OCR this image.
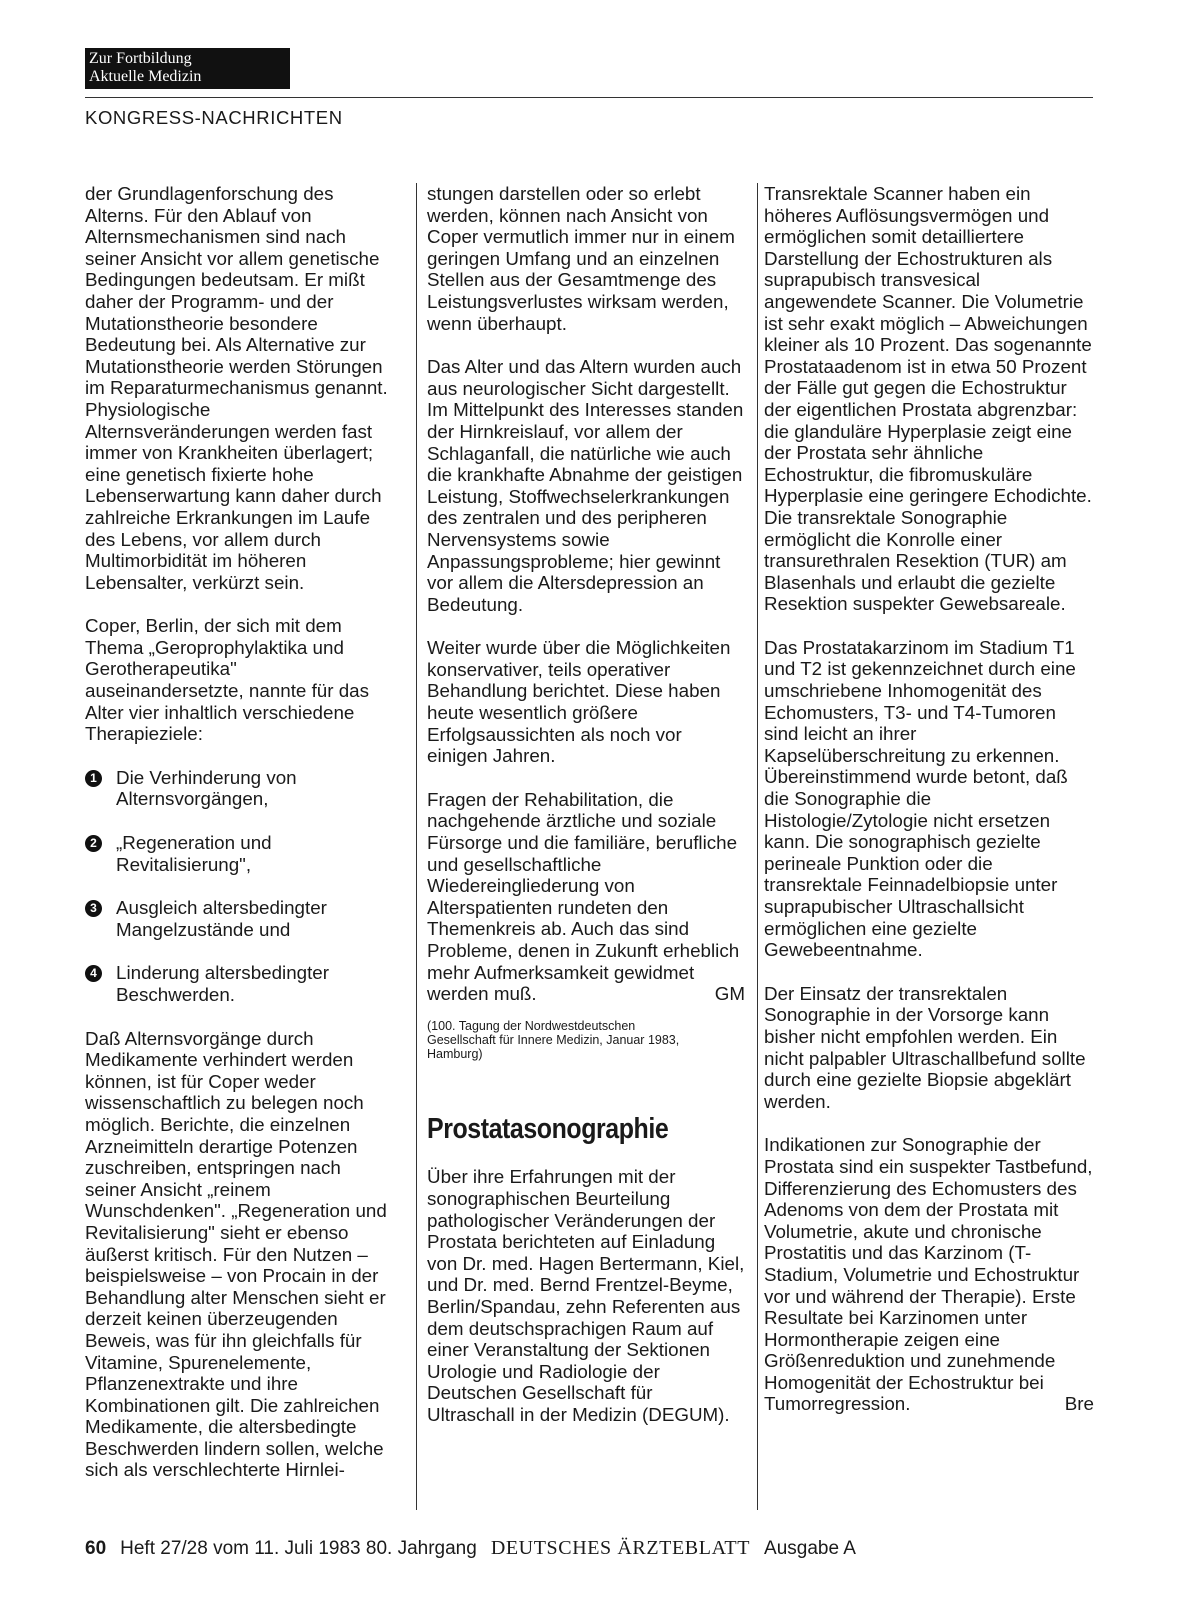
Zur Fortbildung
Aktuelle Medizin
KONGRESS-NACHRICHTEN

der Grundlagenforschung des Alterns. Für den Ablauf von Alternsmechanismen sind nach seiner Ansicht vor allem genetische Bedingungen bedeutsam. Er mißt daher der Programm- und der Mutationstheorie besondere Bedeutung bei. Als Alternative zur Mutationstheorie werden Störungen im Reparaturmechanismus genannt. Physiologische Alternsveränderungen werden fast immer von Krankheiten überlagert; eine genetisch fixierte hohe Lebenserwartung kann daher durch zahlreiche Erkrankungen im Laufe des Lebens, vor allem durch Multimorbidität im höheren Lebensalter, verkürzt sein.

Coper, Berlin, der sich mit dem Thema „Geroprophylaktika und Gerotherapeutika" auseinandersetzte, nannte für das Alter vier inhaltlich verschiedene Therapieziele:

1 Die Verhinderung von Alternsvorgängen,
2 „Regeneration und Revitalisierung",
3 Ausgleich altersbedingter Mangelzustände und
4 Linderung altersbedingter Beschwerden.

Daß Alternsvorgänge durch Medikamente verhindert werden können, ist für Coper weder wissenschaftlich zu belegen noch möglich. Berichte, die einzelnen Arzneimitteln derartige Potenzen zuschreiben, entspringen nach seiner Ansicht „reinem Wunschdenken". „Regeneration und Revitalisierung" sieht er ebenso äußerst kritisch. Für den Nutzen – beispielsweise – von Procain in der Behandlung alter Menschen sieht er derzeit keinen überzeugenden Beweis, was für ihn gleichfalls für Vitamine, Spurenelemente, Pflanzenextrakte und ihre Kombinationen gilt. Die zahlreichen Medikamente, die altersbedingte Beschwerden lindern sollen, welche sich als verschlechterte Hirnlei-

stungen darstellen oder so erlebt werden, können nach Ansicht von Coper vermutlich immer nur in einem geringen Umfang und an einzelnen Stellen aus der Gesamtmenge des Leistungsverlustes wirksam werden, wenn überhaupt.

Das Alter und das Altern wurden auch aus neurologischer Sicht dargestellt. Im Mittelpunkt des Interesses standen der Hirnkreislauf, vor allem der Schlaganfall, die natürliche wie auch die krankhafte Abnahme der geistigen Leistung, Stoffwechselerkrankungen des zentralen und des peripheren Nervensystems sowie Anpassungsprobleme; hier gewinnt vor allem die Altersdepression an Bedeutung.

Weiter wurde über die Möglichkeiten konservativer, teils operativer Behandlung berichtet. Diese haben heute wesentlich größere Erfolgsaussichten als noch vor einigen Jahren.

Fragen der Rehabilitation, die nachgehende ärztliche und soziale Fürsorge und die familiäre, berufliche und gesellschaftliche Wiedereingliederung von Alterspatienten rundeten den Themenkreis ab. Auch das sind Probleme, denen in Zukunft erheblich mehr Aufmerksamkeit gewidmet werden muß.	GM

(100. Tagung der Nordwestdeutschen Gesellschaft für Innere Medizin, Januar 1983, Hamburg)

Prostatasonographie

Über ihre Erfahrungen mit der sonographischen Beurteilung pathologischer Veränderungen der Prostata berichteten auf Einladung von Dr. med. Hagen Bertermann, Kiel, und Dr. med. Bernd Frentzel-Beyme, Berlin/Spandau, zehn Referenten aus dem deutschsprachigen Raum auf einer Veranstaltung der Sektionen Urologie und Radiologie der Deutschen Gesellschaft für Ultraschall in der Medizin (DEGUM).

Transrektale Scanner haben ein höheres Auflösungsvermögen und ermöglichen somit detailliertere Darstellung der Echostrukturen als suprapubisch transvesical angewendete Scanner. Die Volumetrie ist sehr exakt möglich – Abweichungen kleiner als 10 Prozent. Das sogenannte Prostataadenom ist in etwa 50 Prozent der Fälle gut gegen die Echostruktur der eigentlichen Prostata abgrenzbar: die glanduläre Hyperplasie zeigt eine der Prostata sehr ähnliche Echostruktur, die fibromuskuläre Hyperplasie eine geringere Echodichte. Die transrektale Sonographie ermöglicht die Konrolle einer transurethralen Resektion (TUR) am Blasenhals und erlaubt die gezielte Resektion suspekter Gewebsareale.

Das Prostatakarzinom im Stadium T1 und T2 ist gekennzeichnet durch eine umschriebene Inhomogenität des Echomusters, T3- und T4-Tumoren sind leicht an ihrer Kapselüberschreitung zu erkennen. Übereinstimmend wurde betont, daß die Sonographie die Histologie/Zytologie nicht ersetzen kann. Die sonographisch gezielte perineale Punktion oder die transrektale Feinnadelbiopsie unter suprapubischer Ultraschallsicht ermöglichen eine gezielte Gewebeentnahme.

Der Einsatz der transrektalen Sonographie in der Vorsorge kann bisher nicht empfohlen werden. Ein nicht palpabler Ultraschallbefund sollte durch eine gezielte Biopsie abgeklärt werden.

Indikationen zur Sonographie der Prostata sind ein suspekter Tastbefund, Differenzierung des Echomusters des Adenoms von dem der Prostata mit Volumetrie, akute und chronische Prostatitis und das Karzinom (T-Stadium, Volumetrie und Echostruktur vor und während der Therapie). Erste Resultate bei Karzinomen unter Hormontherapie zeigen eine Größenreduktion und zunehmende Homogenität der Echostruktur bei Tumorregression.	Bre

60 Heft 27/28 vom 11. Juli 1983 80. Jahrgang DEUTSCHES ÄRZTEBLATT Ausgabe A
